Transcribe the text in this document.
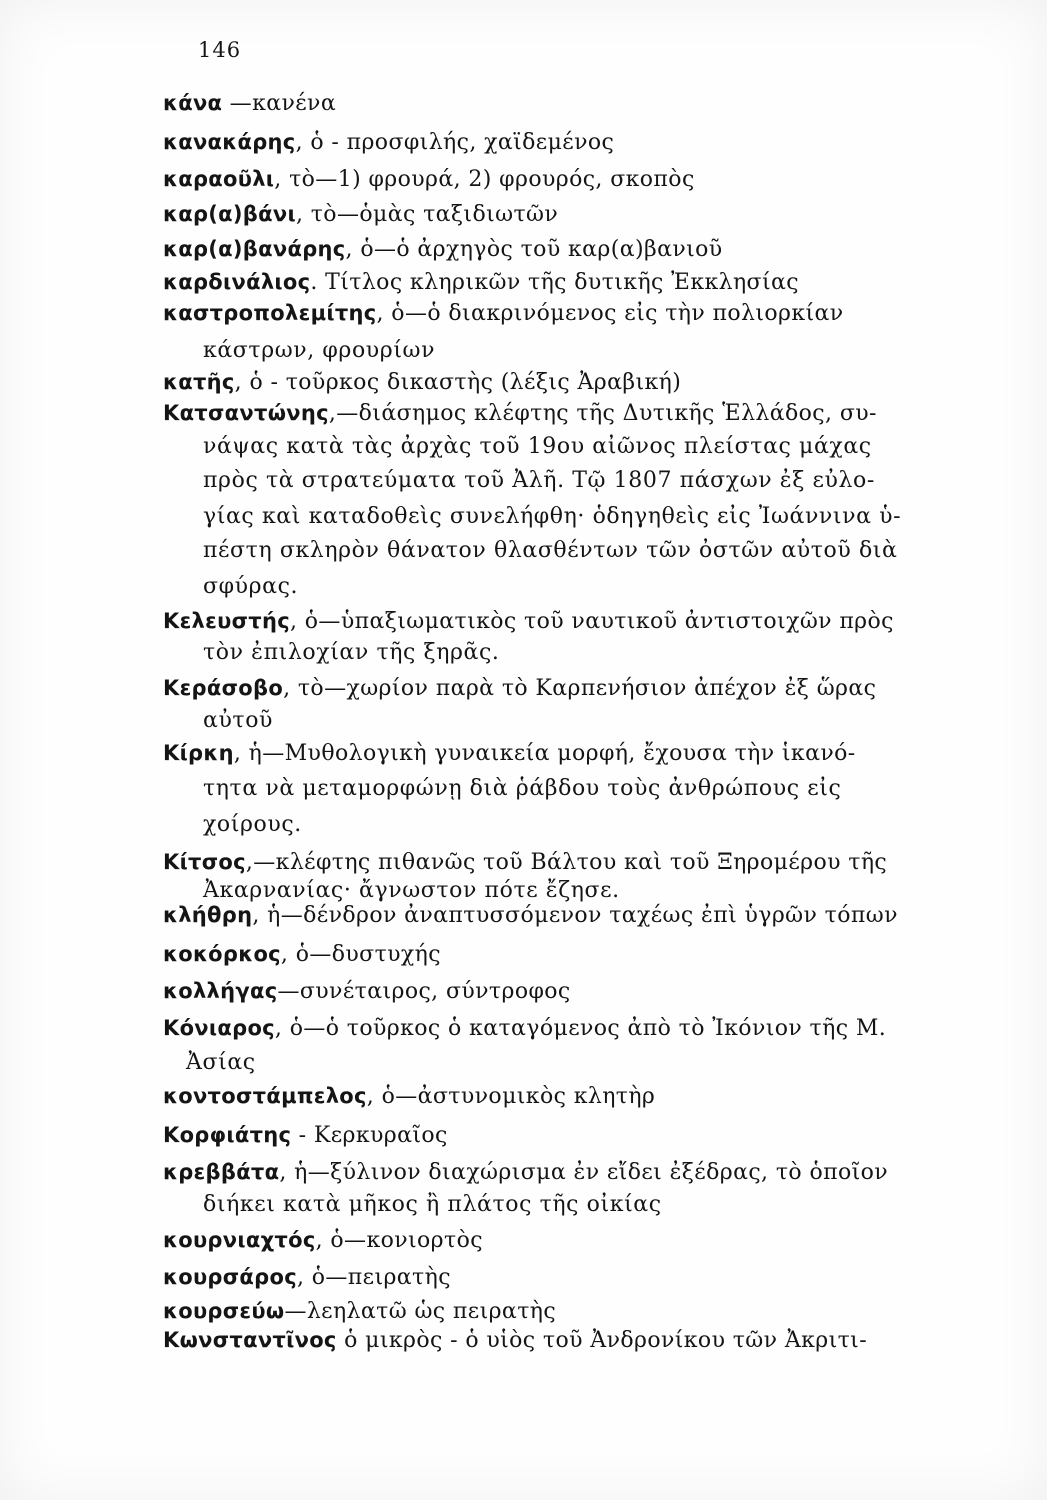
146
κάνα —κανένα
κανακάρης, ὁ - προσφιλής, χαϊδεμένος
καραοῦλι, τὸ—1) φρουρά, 2) φρουρός, σκοπὸς
καρ(α)βάνι, τὸ—ὁμὰς ταξιδιωτῶν
καρ(α)βανάρης, ὁ—ὁ ἀρχηγὸς τοῦ καρ(α)βανιοῦ
καρδινάλιος. Τίτλος κληρικῶν τῆς δυτικῆς Ἐκκλησίας
καστροπολεμίτης, ὁ—ὁ διακρινόμενος εἰς τὴν πολιορκίαν
κάστρων, φρουρίων
κατῆς, ὁ - τοῦρκος δικαστὴς (λέξις Ἀραβική)
Κατσαντώνης,—διάσημος κλέφτης τῆς Δυτικῆς Ἑλλάδος, συ-
νάψας κατὰ τὰς ἀρχὰς τοῦ 19ου αἰῶνος πλείστας μάχας
πρὸς τὰ στρατεύματα τοῦ Ἀλῆ. Τῷ 1807 πάσχων ἐξ εὐλο-
γίας καὶ καταδοθεὶς συνελήφθη· ὁδηγηθεὶς εἰς Ἰωάννινα ὑ-
πέστη σκληρὸν θάνατον θλασθέντων τῶν ὀστῶν αὐτοῦ διὰ
σφύρας.
Κελευστής, ὁ—ὑπαξιωματικὸς τοῦ ναυτικοῦ ἀντιστοιχῶν πρὸς
τὸν ἐπιλοχίαν τῆς ξηρᾶς.
Κεράσοβο, τὸ—χωρίον παρὰ τὸ Καρπενήσιον ἀπέχον ἐξ ὥρας
αὐτοῦ
Κίρκη, ἡ—Μυθολογικὴ γυναικεία μορφή, ἔχουσα τὴν ἱκανό-
τητα νὰ μεταμορφώνῃ διὰ ῥάβδου τοὺς ἀνθρώπους εἰς
χοίρους.
Κίτσος,—κλέφτης πιθανῶς τοῦ Βάλτου καὶ τοῦ Ξηρομέρου τῆς
Ἀκαρνανίας· ἄγνωστον πότε ἔζησε.
κλήθρη, ἡ—δένδρον ἀναπτυσσόμενον ταχέως ἐπὶ ὑγρῶν τόπων
κοκόρκος, ὁ—δυστυχής
κολλήγας—συνέταιρος, σύντροφος
Κόνιαρος, ὁ—ὁ τοῦρκος ὁ καταγόμενος ἀπὸ τὸ Ἰκόνιον τῆς Μ.
Ἀσίας
κοντοστάμπελος, ὁ—ἀστυνομικὸς κλητὴρ
Κορφιάτης - Κερκυραῖος
κρεββάτα, ἡ—ξύλινον διαχώρισμα ἐν εἴδει ἐξέδρας, τὸ ὁποῖον
διήκει κατὰ μῆκος ἢ πλάτος τῆς οἰκίας
κουρνιαχτός, ὁ—κονιορτὸς
κουρσάρος, ὁ—πειρατὴς
κουρσεύω—λεηλατῶ ὡς πειρατὴς
Κωνσταντῖνος ὁ μικρὸς - ὁ υἱὸς τοῦ Ἀνδρονίκου τῶν Ἀκριτι-
